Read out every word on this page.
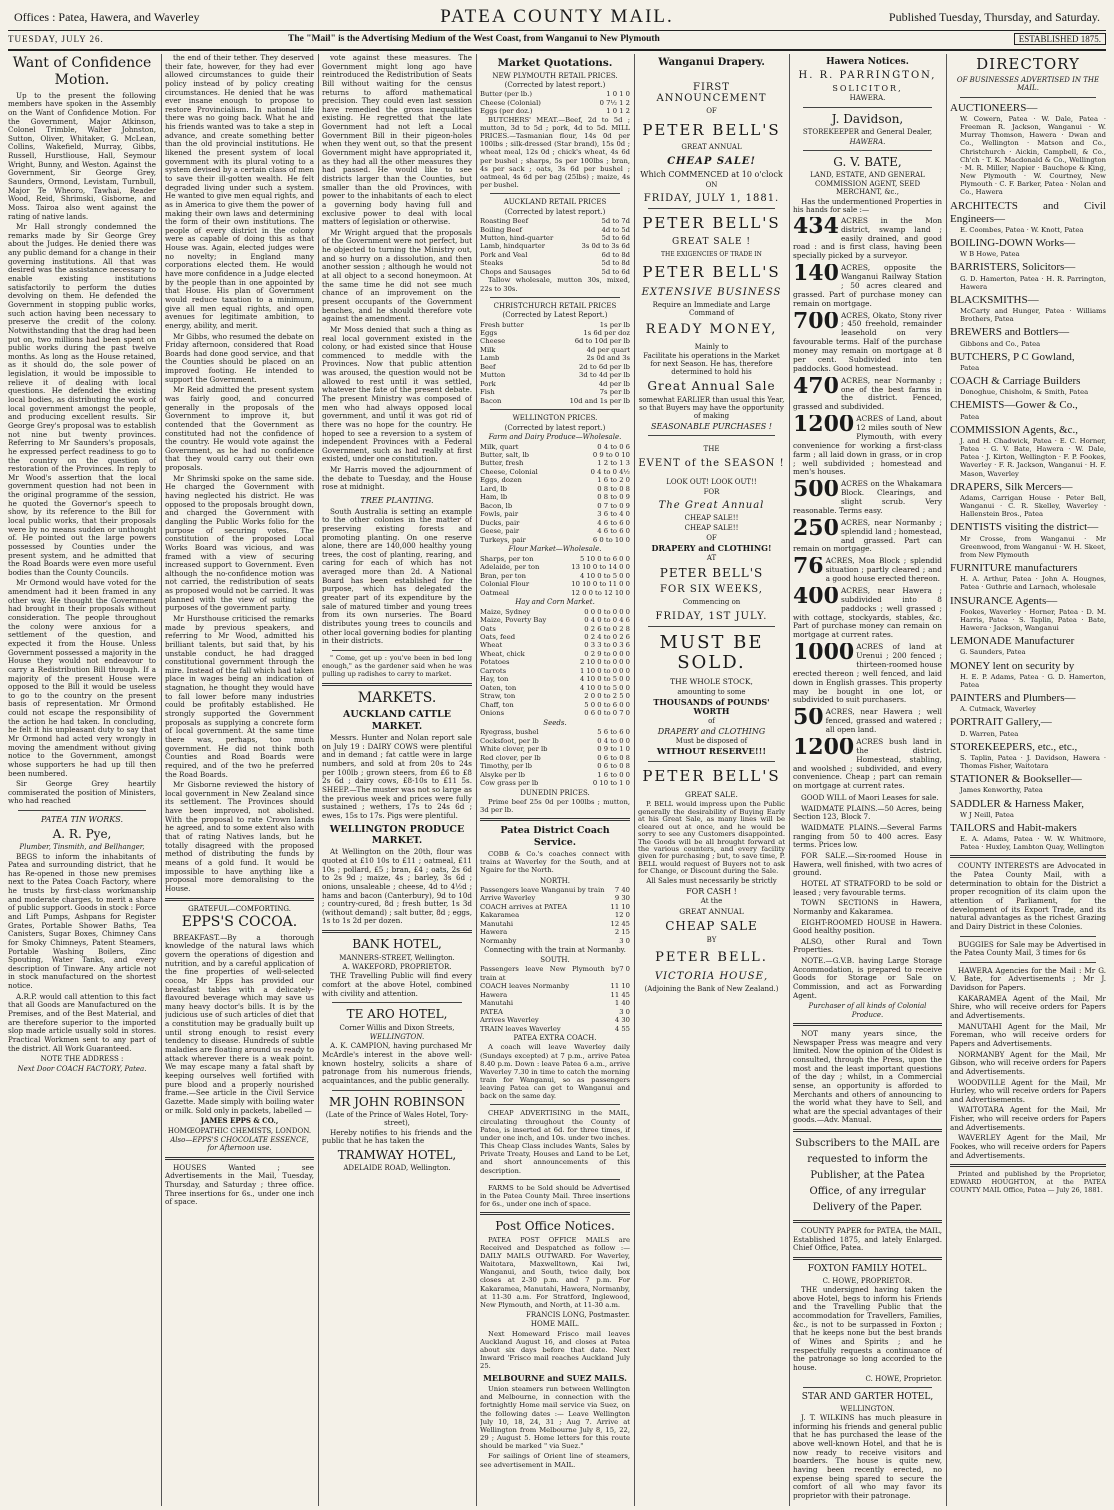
Offices : Patea, Hawera, and Waverley	PATEA COUNTY MAIL.	Published Tuesday, Thursday, and Saturday.
TUESDAY, JULY 26.	The "Mail" is the Advertising Medium of the West Coast, from Wanganui to New Plymouth	ESTABLISHED 1875.
Want of Confidence Motion.

Up to the present the following members have spoken in the Assembly on the Want of Confidence Motion. For the Government, Major Atkinson, Colonel Trimble, Walter Johnston, Sutton, Oliver, Whitaker, G. McLean, Collins, Wakefield, Murray, Gibbs, Russell, Hurstliouse, Hall, Seymour Wright, Bunny, and Weston. Against the Government, Sir George Grey, Saunders, Ormond, Levistam, Turnbull, Major Te Wheoro, Tawhai, Reader Wood, Reid, Shrimski, Gisborne, and Moss. Tairoa also went against the rating of native lands.

Mr Hall strongly condemned the remarks made by Sir George Grey about the Judges. He denied there was any public demand for a change in their governing institutions. All that was desired was the assistance necessary to enable existing institutions satisfactorily to perform the duties devolving on them. He defended the Government in stopping public works, such action having been necessary to preserve the credit of the colony. Notwithstanding that the drag had been put on, two millions had been spent on public works during the past twelve months. As long as the House retained, as it should do, the sole power of legislation, it would be impossible to relieve it of dealing with local questions. He defended the existing local bodies, as distributing the work of local government amongst the people, and producing excellent results. Sir George Grey's proposal was to establish not nine but twenty provinces. Referring to Mr Saunders's proposals, he expressed perfect readiness to go to the country on the question of restoration of the Provinces. In reply to Mr Wood's assertion that the local government question had not been in the original programme of the session, he quoted the Governor's speech to show, by its reference to the Bill for local public works, that their proposals were by no means sudden or unthought of. He pointed out the large powers possessed by Counties under the present system, and he admitted that the Road Boards were even more useful bodies than the County Councils.

Mr Ormond would have voted for the amendment had it been framed in any other way. He thought the Government had brought in their proposals without consideration. The people throughout the colony were anxious for a settlement of the question, and expected it from the House. Unless Government possessed a majority in the House they would not endeavour to carry a Redistribution Bill through. If a majority of the present House were opposed to the Bill it would be useless to go to the country on the present basis of representation. Mr Ormond could not escape the responsibility of the action he had taken. In concluding, he felt it his unpleasant duty to say that Mr Ormond had acted very wrongly in moving the amendment without giving notice to the Government, amongst whose supporters he had up till then been numbered.

Sir George Grey heartily commiserated the position of Ministers, who had reached

PATEA TIN WORKS.
A. R. Pye,
Plumber, Tinsmith, and Bellhanger,

BEGS to inform the inhabitants of Patea and surrounding district, that he has Re-opened in those new premises next to the Patea Coach Factory, where he trusts by first-class workmanship and moderate charges, to merit a share of public support. Goods in stock : Force and Lift Pumps, Ashpans for Register Grates, Portable Shower Baths, Tea Canisters, Sugar Boxes, Chimney Cans for Smoky Chimneys, Patent Steamers, Portable Washing Boilers, Zinc Spouting, Water Tanks, and every description of Tinware. Any article not in stock manufactured on the shortest notice.

A.R.P. would call attention to this fact that all Goods are Manufactured on the Premises, and of the Best Material, and are therefore superior to the imported slop made article usually sold in stores. Practical Workmen sent to any part of the district. All Work Guaranteed.

NOTE THE ADDRESS :
Next Door COACH FACTORY, Patea.

the end of their tether. They deserved their fate, however, for they had ever allowed circumstances to guide their policy instead of by policy creating circumstances. He denied that he was ever insane enough to propose to restore Provincialism. In national life there was no going back. What he and his friends wanted was to take a step in advance, and create something better than the old provincial institutions. He likened the present system of local government with its plural voting to a system devised by a certain class of men to save their ill-gotten wealth. He felt degraded living under such a system. He wanted to give men equal rights, and as in America to give them the power of making their own laws and determining the form of their own institutions. The people of every district in the colony were as capable of doing this as that House was. Again, elected judges were no novelty; in England many corporations elected them. He would have more confidence in a Judge elected by the people than in one appointed by that House. His plan of Government would reduce taxation to a minimum, give all men equal rights, and open avenues for legitimate ambition, to energy, ability, and merit.

Mr Gibbs, who resumed the debate on Friday afternoon, considered that Road Boards had done good service, and that the Counties should be placed on an improved footing. He intended to support the Government.

Mr Reid admitted the present system was fairly good, and concurred generally in the proposals of the Government to improve it, but contended that the Government as constituted had not the confidence of the country. He would vote against the Government, as he had no confidence that they would carry out their own proposals.

Mr Shrimski spoke on the same side. He charged the Government with having neglected his district. He was opposed to the proposals brought down, and charged the Government with dangling the Public Works folio for the purpose of securing votes. The constitution of the proposed Local Works Board was vicious, and was framed with a view of securing increased support to Government. Even although the no-confidence motion was not carried, the redistribution of seats as proposed would not be carried. It was planned with the view of suiting the purposes of the government party.

Mr Hursthouse criticised the remarks made by previous speakers, and referring to Mr Wood, admitted his brilliant talents, but said that, by his unstable conduct, he had dragged constitutional government through the mire. Instead of the fall which had taken place in wages being an indication of stagnation, he thought they would have to fall lower before many industries could be profitably established. He strongly supported the Government proposals as supplying a concrete form of local government. At the same time there was, perhaps, too much government. He did not think both Counties and Road Boards were required, and of the two he preferred the Road Boards.

Mr Gisborne reviewed the history of local government in New Zealand since its settlement. The Provinces should have been improved, not abolished. With the proposal to rate Crown lands he agreed, and to some extent also with that of rating Natives lands, but he totally disagreed with the proposed method of distributing the funds by means of a gold fund. It would be impossible to have anything like a proposal more demoralising to the House.

GRATEFUL—COMFORTING.
EPPS'S COCOA.

BREAKFAST.—By a thorough knowledge of the natural laws which govern the operations of digestion and nutrition, and by a careful application of the fine properties of well-selected cocoa, Mr Epps has provided our breakfast tables with a delicately-flavoured beverage which may save us many heavy doctor's bills. It is by the judicious use of such articles of diet that a constitution may be gradually built up until strong enough to resist every tendency to disease. Hundreds of subtle maladies are floating around us ready to attack wherever there is a weak point. We may escape many a fatal shaft by keeping ourselves well fortified with pure blood and a properly nourished frame.—See article in the Civil Service Gazette. Made simply with boiling water or milk. Sold only in packets, labelled —

JAMES EPPS & CO.,
HOMŒOPATHIC CHEMISTS, LONDON.
Also—EPPS'S CHOCOLATE ESSENCE, for Afternoon use.

HOUSES Wanted ; see Advertisements in the Mail, Tuesday, Thursday, and Saturday ; three office. Three insertions for 6s., under one inch of space.

vote against these measures. The Government might long ago have reintroduced the Redistribution of Seats Bill without waiting for the census returns to afford mathematical precision. They could even last session have remedied the gross inequalities existing. He regretted that the late Government had not left a Local Government Bill in their pigeon-holes when they went out, so that the present Government might have appropriated it, as they had all the other measures they had passed. He would like to see districts larger than the Counties, but smaller than the old Provinces, with power to the inhabitants of each to elect a governing body having full and exclusive power to deal with local matters of legislation or otherwise.

Mr Wright argued that the proposals of the Government were not perfect, but he objected to turning the Ministry out, and so hurry on a dissolution, and then another session ; although he would not at all object to a second honeymoon. At the same time he did not see much chance of an improvement on the present occupants of the Government benches, and he should therefore vote against the amendment.

Mr Moss denied that such a thing as real local government existed in the colony, or had existed since that House commenced to meddle with the Provinces. Now that public attention was aroused, the question would not be allowed to rest until it was settled, whatever the fate of the present debate. The present Ministry was composed of men who had always opposed local government, and until it was got rid of there was no hope for the country. He hoped to see a reversion to a system of independent Provinces with a Federal Government, such as had really at first existed, under one constitution.

Mr Harris moved the adjournment of the debate to Tuesday, and the House rose at midnight.

TREE PLANTING.

South Australia is setting an example to the other colonies in the matter of preserving existing forests and promoting planting. On one reserve alone, there are 140,000 healthy young trees, the cost of planting, rearing, and caring for each of which has not averaged more than 2d. A National Board has been established for the purpose, which has delegated the greater part of its expenditure by the sale of matured timber and young trees from its own nurseries. The Board distributes young trees to councils and other local governing bodies for planting in their districts.

" Come, get up : you've been in bed long enough," as the gardener said when he was pulling up radishes to carry to market.

MARKETS.
AUCKLAND CATTLE MARKET.

Messrs. Hunter and Nolan report sale on July 19 : DAIRY COWS were plentiful and in demand ; fat cattle were in large numbers, and sold at from 20s to 24s per 100lb ; grown steers, from £6 to £8 2s 6d ; dairy cows, £8-10s to £11 5s. SHEEP.—The muster was not so large as the previous week and prices were fully sustained ; wethers, 17s to 24s 6d ; ewes, 15s to 17s. Pigs were plentiful.

WELLINGTON PRODUCE MARKET.

At Wellington on the 20th, flour was quoted at £10 10s to £11 ; oatmeal, £11 10s ; pollard, £5 ; bran, £4 ; oats, 2s 6d to 2s 9d ; maize, 4s ; barley, 3s 6d ; onions, unsaleable ; cheese, 4d to 4½d ; hams and bacon (Canterbury), 9d to 10d ; country-cured, 8d ; fresh butter, 1s 3d (without demand) ; salt butter, 8d ; eggs, 1s to 1s 2d per dozen.

BANK HOTEL,
MANNERS-STREET, Wellington.
A. WAKEFORD, PROPRIETOR.

THE Travelling Public will find every comfort at the above Hotel, combined with civility and attention.

TE ARO HOTEL,
Corner Willis and Dixon Streets,
WELLINGTON.

A. K. CAMPION, having purchased Mr McArdle's interest in the above well-known hostelry, solicits a share of patronage from his numerous friends, acquaintances, and the public generally.

MR JOHN ROBINSON
(Late of the Prince of Wales Hotel, Tory-street),

Hereby notifies to his friends and the public that he has taken the

TRAMWAY HOTEL,
ADELAIDE ROAD, Wellington.
Market Quotations.
NEW PLYMOUTH RETAIL PRICES.
(Corrected by latest report.)
Butter (per lb.)	1 0 1 0
Cheese (Colonial)	0 7½ 1 2
Eggs (per doz.)	1 0 1 2

BUTCHERS' MEAT.—Beef, 2d to 5d ; mutton, 3d to 5d ; pork, 4d to 5d. MILL PRICES.—Tasmanian flour, 14s 0d per 100lbs ; silk-dressed (Star brand), 15s 0d ; wheat meal, 12s 0d ; chick's wheat, 4s 6d per bushel ; sharps, 5s per 100lbs ; bran, 4s per sack ; oats, 3s 6d per bushel ; oatmeal, 4s 6d per bag (25lbs) ; maize, 4s per bushel.

AUCKLAND RETAIL PRICES
(Corrected by latest report.)
Roasting Beef	5d to 7d
Boiling Beef	4d to 5d
Mutton, hind-quarter	5d to 6d
Lamb, hindquarter	3s 0d to 3s 6d
Pork and Veal	6d to 8d
Steaks	5d to 8d
Chops and Sausages	5d to 6d

Tallow wholesale, mutton 30s, mixed, 22s to 30s.

CHRISTCHURCH RETAIL PRICES
(Corrected by Latest Report.)
Fresh butter	1s per lb
Eggs	1s 6d per doz
Cheese	6d to 10d per lb
Milk	4d per quart
Lamb	2s 0d and 3s
Beef	2d to 6d per lb
Mutton	3d to 4d per lb
Pork	4d per lb
Fish	7s per lb
Bacon	10d and 1s per lb
WELLINGTON PRICES.
(Corrected by latest report.)
Farm and Dairy Produce—Wholesale.
Milk, quart	0 4 to 0 6
Butter, salt, lb	0 9 to 0 10
Butter, fresh	1 2 to 1 3
Cheese, Colonial	0 4 to 0 4½
Eggs, dozen	1 6 to 2 0
Lard, lb	0 8 to 0 8
Ham, lb	0 8 to 0 9
Bacon, lb	0 7 to 0 9
Fowls, pair	3 6 to 4 0
Ducks, pair	4 6 to 6 0
Geese, pair	4 6 to 6 0
Turkeys, pair	6 0 to 10 0
Flour Market—Wholesale.
Sharps, per ton	5 10 0 to 6 0 0
Adelaide, per ton	13 10 0 to 14 0 0
Bran, per ton	4 10 0 to 5 0 0
Colonial Flour	10 10 0 to 11 0 0
Oatmeal	12 0 0 to 12 10 0
Hay and Corn Market.
Maize, Sydney	0 0 0 to 0 0 0
Maize, Poverty Bay	0 4 0 to 0 4 6
Oats	0 2 6 to 0 2 8
Oats, feed	0 2 4 to 0 2 6
Wheat	0 3 3 to 0 3 6
Wheat, chick	0 2 9 to 0 0 0
Potatoes	2 10 0 to 0 0 0
Carrots	1 10 0 to 0 0 0
Hay, ton	4 10 0 to 5 0 0
Oaten, ton	4 10 0 to 5 0 0
Straw, ton	2 0 0 to 2 5 0
Chaff, ton	5 0 0 to 6 0 0
Onions	0 6 0 to 0 7 0
Seeds.
Ryegrass, bushel	5 6 to 6 0
Cocksfoot, per lb	0 4 to 0 0
White clover, per lb	0 9 to 1 0
Red clover, per lb	0 6 to 0 8
Timothy, per lb	0 6 to 0 8
Alsyke per lb	1 6 to 0 0
Cow grass per lb	0 10 to 1 0
DUNEDIN PRICES.

Prime beef 25s 0d per 100lbs ; mutton, 3d per lb.

Patea District Coach Service.

COBB & Co.'s coaches connect with trains at Waverley for the South, and at Ngaire for the North.

NORTH.
Passengers leave Wanganui by train 7 40
Arrive Waverley	9 30
COACH arrives at PATEA	11 10
Kakaramea	12 0
Manutahi	12 45
Hawera	2 15
Normanby	3 0
Connecting with the train at Normanby.
SOUTH.
Passengers leave New Plymouth by train at
7 0
COACH leaves Normanby	11 10
Hawera	11 45
Manutahi	1 40
PATEA	3 0
Arrives Waverley	4 30
TRAIN leaves Waverley	4 55
PATEA EXTRA COACH.

A coach will leave Waverley daily (Sundays excepted) at 7 p.m., arrive Patea 8.40 p.m. Down : leave Patea 6 a.m., arrive Waverley 7.30 in time to catch the morning train for Wanganui, so as passengers leaving Patea can get to Wanganui and back on the same day.

CHEAP ADVERTISING in the MAIL, circulating throughout the County of Patea, is inserted at 6d. for three times, if under one inch, and 10s. under two inches. This Cheap Class includes Wants, Sales by Private Treaty, Houses and Land to be Let, and short announcements of this description.

FARMS to be Sold should be Advertised in the Patea County Mail. Three insertions for 6s., under one inch of space.

Post Office Notices.

PATEA POST OFFICE MAILS are Received and Despatched as follow :— DAILY MAILS OUTWARD. For Waverley, Waitotara, Maxwelltown, Kai Iwi, Wanganui, and South, twice daily, box closes at 2-30 p.m. and 7 p.m. For Kakaramea, Manutahi, Hawera, Normanby, at 11-30 a.m. For Stratford, Inglewood, New Plymouth, and North, at 11-30 a.m.

FRANCIS LONG, Postmaster.
HOME MAIL.

Next Homeward Frisco mail leaves Auckland August 16, and closes at Patea about six days before that date. Next Inward 'Frisco mail reaches Auckland July 25.

MELBOURNE and SUEZ MAILS.

Union steamers run between Wellington and Melbourne, in connection with the fortnightly Home mail service via Suez, on the following dates :— Leave Wellington July 10, 18, 24, 31 ; Aug 7. Arrive at Wellington from Melbourne July 8, 15, 22, 29 ; August 5. Home letters for this route should be marked " via Suez."

For sailings of Orient line of steamers, see advertisement in MAIL.

Wanganui Drapery.
FIRST ANNOUNCEMENT
OF
PETER BELL'S
GREAT ANNUAL
CHEAP SALE!
Which COMMENCED at 10 o'clock
ON
FRIDAY, JULY 1, 1881.
PETER BELL'S
GREAT SALE !
THE EXIGENCIES OF TRADE IN
PETER BELL'S
EXTENSIVE BUSINESS
Require an Immediate and Large Command of
READY MONEY,
Mainly to
Facilitate his operations in the Market for next Season. He has, therefore determined to hold his
Great Annual Sale
somewhat EARLIER than usual this Year, so that Buyers may have the opportunity of making
SEASONABLE PURCHASES !
THE
EVENT of the SEASON !
LOOK OUT! LOOK OUT!!
FOR
The Great Annual
CHEAP SALE!!
CHEAP SALE!!
OF
DRAPERY and CLOTHING!
AT
PETER BELL'S
FOR SIX WEEKS,
Commencing on
FRIDAY, 1ST JULY.
MUST BE SOLD.
THE WHOLE STOCK,
amounting to some
THOUSANDS of POUNDS' WORTH
of
DRAPERY and CLOTHING
Must be disposed of
WITHOUT RESERVE!!!
PETER BELL'S
GREAT SALE.

P. BELL would impress upon the Public generally the desirability of Buying Early at his Great Sale, as many lines will be cleared out at once, and he would be sorry to see any Customers disappointed. The Goods will be all brought forward at the various counters, and every facility given for purchasing ; but, to save time, P. BELL would request of Buyers not to ask for Change, or Discount during the Sale.

All Sales must necessarily be strictly
FOR CASH !
At the
GREAT ANNUAL
CHEAP SALE
BY
PETER BELL.
VICTORIA HOUSE,
(Adjoining the Bank of New Zealand.)
Hawera Notices.
H. R. PARRINGTON,
SOLICITOR,
HAWERA.
J. Davidson,
STOREKEEPER and General Dealer,
HAWERA.
G. V. BATE,
LAND, ESTATE, AND GENERAL COMMISSION AGENT, SEED MERCHANT, &c.,

Has the undermentioned Properties in his hands for sale :—

434 ACRES in the Mon district, swamp land ; easily drained, and good road : and is first class, having been specially picked by a surveyor.
140 ACRES, opposite the Wanganui Railway Station ; 50 acres cleared and grassed. Part of purchase money can remain on mortgage.
700 ACRES, Okato, Stony river ; 450 freehold, remainder leasehold on very favourable terms. Half of the purchase money may remain on mortgage at 8 per cent. Subdivided into ten paddocks. Good homestead.
470 ACRES, near Normanby ; one of the best farms in the district. Fenced, grassed and subdivided.
1200 ACRES of Land, about 12 miles south of New Plymouth, with every convenience for working a first-class farm ; all laid down in grass, or in crop ; well subdivided ; homestead and men's houses.
500 ACRES on the Whakamara Block. Clearings, and slight scrub. Very reasonable. Terms easy.
250 ACRES, near Normanby ; splendid land ; homestead, and grassed. Part can remain on mortgage.
76 ACRES, Moa Block ; splendid situation ; partly cleared ; and a good house erected thereon.
400 ACRES, near Hawera ; subdivided into 8 paddocks ; well grassed ; with cottage, stockyards, stables, &c. Part of purchase money can remain on mortgage at current rates.
1000 ACRES of land at Urenui ; 200 fenced ; thirteen-roomed house erected thereon ; well fenced, and laid down in English grasses. This property may be bought in one lot, or subdivided to suit purchasers.
50 ACRES, near Hawera ; well fenced, grassed and watered ; all open land.
1200 ACRES bush land in the district. Homestead, stabling, and woolshed ; subdivided, and every convenience. Cheap ; part can remain on mortgage at current rates.

GOOD WILL of Maori Leases for sale.

WAIDMATE PLAINS.—50 Acres, being Section 123, Block 7.

WAIDMATE PLAINS.—Several Farms ranging from 50 to 400 acres. Easy terms. Prices low.

FOR SALE.—Six-roomed House in Hawera, well finished, with two acres of ground.

HOTEL AT STRATFORD to be sold or leased ; very favourable terms.

TOWN SECTIONS in Hawera, Normanby and Kakaramea.

EIGHT-ROOMED HOUSE in Hawera. Good healthy position.

ALSO, other Rural and Town Properties.

NOTE.—G.V.B. having Large Storage Accommodation, is prepared to receive Goods for Storage or Sale on Commission, and act as Forwarding Agent.

Purchaser of all kinds of Colonial Produce.

NOT many years since, the Newspaper Press was meagre and very limited. Now the opinion of the Oldest is consulted, through the Press, upon the most and the least important questions of the day ; whilst, in a Commercial sense, an opportunity is afforded to Merchants and others of announcing to the world what they have to Sell, and what are the special advantages of their goods.—Adv. Manual.

Subscribers to the MAIL are requested to inform the Publisher, at the Patea Office, of any irregular Delivery of the Paper.

COUNTY PAPER for PATEA, the MAIL, Established 1875, and lately Enlarged. Chief Office, Patea.

FOXTON FAMILY HOTEL.
C. HOWE, PROPRIETOR.

THE undersigned having taken the above Hotel, begs to inform his Friends and the Travelling Public that the accommodation for Travellers, Families, &c., is not to be surpassed in Foxton ; that he keeps none but the best brands of Wines and Spirits ; and he respectfully requests a continuance of the patronage so long accorded to the house.

C. HOWE, Proprietor.
STAR AND GARTER HOTEL,
WELLINGTON.

J. T. WILKINS has much pleasure in informing his friends and general public that he has purchased the lease of the above well-known Hotel, and that he is now ready to receive visitors and boarders. The house is quite new, having been recently erected, no expense being spared to secure the comfort of all who may favor its proprietor with their patronage.

DIRECTORY
OF BUSINESSES ADVERTISED IN THE MAIL.
AUCTIONEERS—
W. Cowern, Patea · W. Dale, Patea · Freeman R. Jackson, Wanganui · W. Murray Thomson, Hawera · Dwan and Co., Wellington · Matson and Co., Christchurch · Aickin, Campbell, & Co., Ch'ch · T. K. Macdonald & Co., Wellington · M. R. Miller, Napier · Bauchope & King, New Plymouth · W. Courtney, New Plymouth · C. F. Barker, Patea · Nolan and Co., Hawera
ARCHITECTS and Civil Engineers—
E. Coombes, Patea · W. Knott, Patea
BOILING-DOWN Works—
W B Howe, Patea
BARRISTERS, Solicitors—
G. D. Hamerton, Patea · H. R. Parrington, Hawera
BLACKSMITHS—
McCarty and Hunger, Patea · Williams Brothers, Patea
BREWERS and Bottlers—
Gibbons and Co., Patea
BUTCHERS, P C Gowland,
Patea
COACH & Carriage Builders
Donoghue, Chisholm, & Smith, Patea
CHEMISTS—Gower & Co.,
Patea
COMMISSION Agents, &c.,
J. and H. Chadwick, Patea · E. C. Horner, Patea · G. V. Bate, Hawera · W. Dale, Patea · J. Kirton, Wellington · F. P. Fookes, Waverley · F. R. Jackson, Wanganui · H. F. Mason, Waverley
DRAPERS, Silk Mercers—
Adams, Carrigan House · Peter Bell, Wanganui · C. R. Skelley, Waverley · Hallenstein Bros., Patea
DENTISTS visiting the district—
Mr Crosse, from Wanganui · Mr Greenwood, from Wanganui · W. H. Skeet, from New Plymouth
FURNITURE manufacturers
H. A. Arthur, Patea · John A. Hougnes, Patea · Guthrie and Larnach, wholesale
INSURANCE Agents—
Fookes, Waverley · Horner, Patea · D. M. Harris, Patea · S. Taplin, Patea · Bate, Hawera · Jackson, Wanganui
LEMONADE Manufacturer
G. Saunders, Patea
MONEY lent on security by
H. E. P. Adams, Patea · G. D. Hamerton, Patea
PAINTERS and Plumbers—
A. Cutmack, Waverley
PORTRAIT Gallery,—
D. Warren, Patea
STOREKEEPERS, etc., etc.,
S. Taplin, Patea · J. Davidson, Hawera · Thomas Fisher, Waitotara
STATIONER & Bookseller—
James Kenworthy, Patea
SADDLER & Harness Maker,
W J Neill, Patea
TAILORS and Habit-makers
E. A. Adams, Patea · W. W. Whitmore, Patea · Huxley, Lambton Quay, Wellington

COUNTY INTERESTS are Advocated in the Patea County Mail, with a determination to obtain for the District a proper recognition of its claim upon the attention of Parliament, for the development of its Export Trade, and its natural advantages as the richest Grazing and Dairy District in these Colonies.

BUGGIES for Sale may be Advertised in the Patea County Mail, 3 times for 6s

HAWERA Agencies for the Mail : Mr G. V. Bate, for Advertisements ; Mr J. Davidson for Papers.

KAKARAMEA Agent of the Mail, Mr Shire, who will receive orders for Papers and Advertisements.

MANUTAHI Agent for the Mail, Mr Foreman, who will receive orders for Papers and Advertisements.

NORMANBY Agent for the Mail, Mr Gibson, who will receive orders for Papers and Advertisements.

WOODVILLE Agent for the Mail, Mr Hurley, who will receive orders for Papers and Advertisements.

WAITOTARA Agent for the Mail, Mr Fisher, who will receive orders for Papers and Advertisements.

WAVERLEY Agent for the Mail, Mr Fookes, who will receive orders for Papers and Advertisements.

Printed and published by the Proprietor, EDWARD HOUGHTON, at the PATEA COUNTY MAIL Office, Patea — July 26, 1881.
